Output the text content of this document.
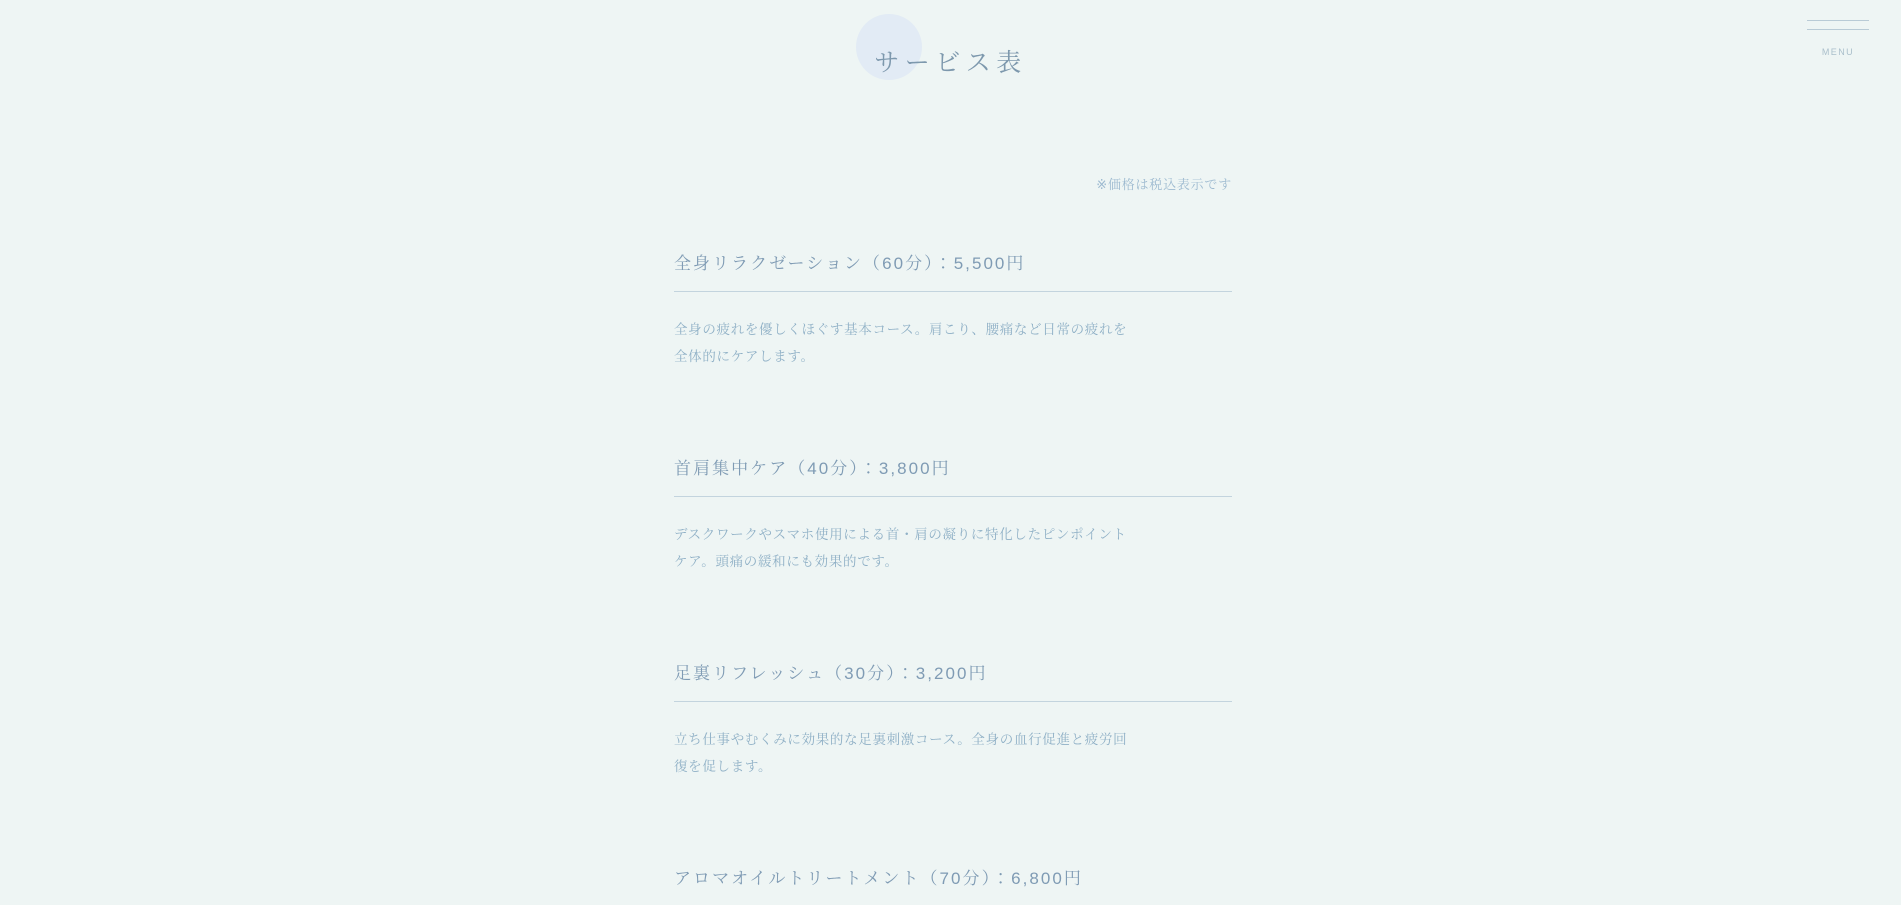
サービス表	MENU
※価格は税込表示です
全身リラクゼーション（60分）：5,500円

全身の疲れを優しくほぐす基本コース。肩こり、腰痛など日常の疲れを全体的にケアします。

首肩集中ケア（40分）：3,800円

デスクワークやスマホ使用による首・肩の凝りに特化したピンポイントケア。頭痛の緩和にも効果的です。

足裏リフレッシュ（30分）：3,200円

立ち仕事やむくみに効果的な足裏刺激コース。全身の血行促進と疲労回復を促します。

アロマオイルトリートメント（70分）：6,800円
